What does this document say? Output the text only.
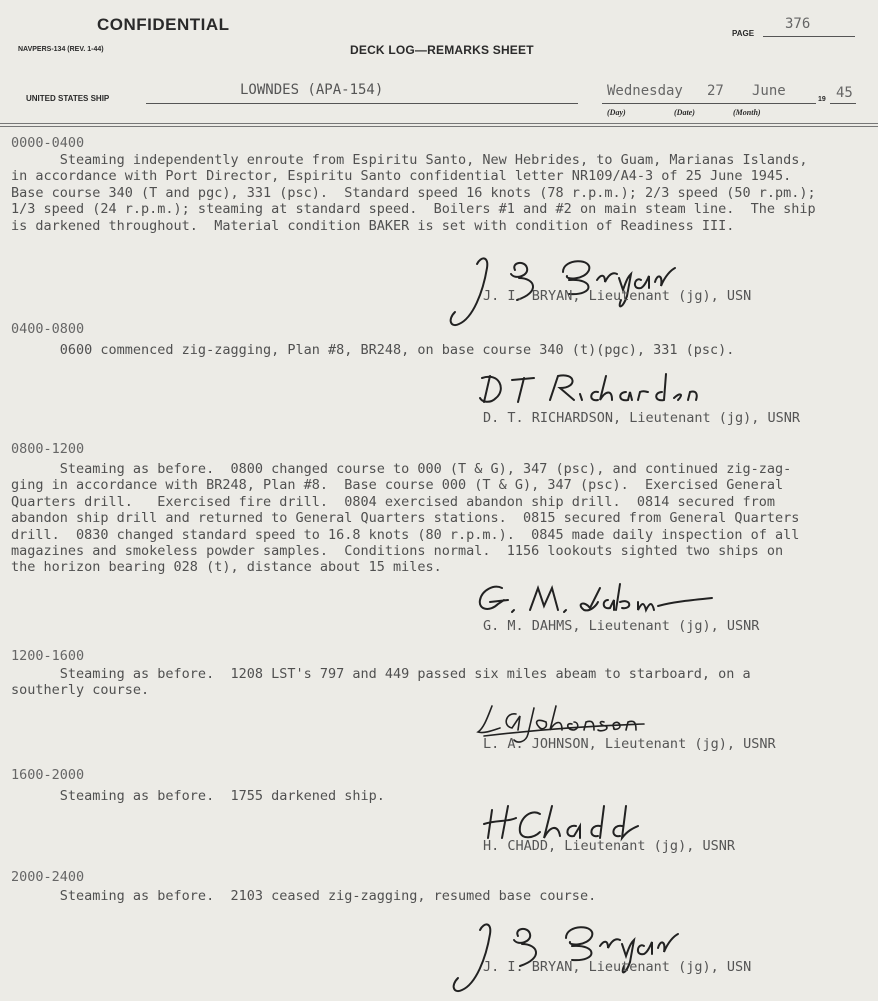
CONFIDENTIAL
NAVPERS-134 (REV. 1-44)	DECK LOG—REMARKS SHEET
PAGE
376
UNITED STATES SHIP
LOWNDES (APA-154)	Wednesday 27 June
19 45
(Day)	(Date)	(Month)
0000-0400
Steaming independently enroute from Espiritu Santo, New Hebrides, to Guam, Marianas Islands,
in accordance with Port Director, Espiritu Santo confidential letter NR109/A4-3 of 25 June 1945.
Base course 340 (T and pgc), 331 (psc).  Standard speed 16 knots (78 r.p.m.); 2/3 speed (50 r.pm.);
1/3 speed (24 r.p.m.); steaming at standard speed.  Boilers #1 and #2 on main steam line.  The ship
is darkened throughout.  Material condition BAKER is set with condition of Readiness III.
J. I. BRYAN, Lieutenant (jg), USN
0400-0800
0600 commenced zig-zagging, Plan #8, BR248, on base course 340 (t)(pgc), 331 (psc).
D. T. RICHARDSON, Lieutenant (jg), USNR
0800-1200
Steaming as before.  0800 changed course to 000 (T & G), 347 (psc), and continued zig-zag-
ging in accordance with BR248, Plan #8.  Base course 000 (T & G), 347 (psc).  Exercised General
Quarters drill.   Exercised fire drill.  0804 exercised abandon ship drill.  0814 secured from
abandon ship drill and returned to General Quarters stations.  0815 secured from General Quarters
drill.  0830 changed standard speed to 16.8 knots (80 r.p.m.).  0845 made daily inspection of all
magazines and smokeless powder samples.  Conditions normal.  1156 lookouts sighted two ships on
the horizon bearing 028 (t), distance about 15 miles.
G. M. DAHMS, Lieutenant (jg), USNR
1200-1600
Steaming as before.  1208 LST's 797 and 449 passed six miles abeam to starboard, on a
southerly course.
L. A. JOHNSON, Lieutenant (jg), USNR
1600-2000
Steaming as before.  1755 darkened ship.
H. CHADD, Lieutenant (jg), USNR
2000-2400
Steaming as before.  2103 ceased zig-zagging, resumed base course.
J. I. BRYAN, Lieutenant (jg), USN
